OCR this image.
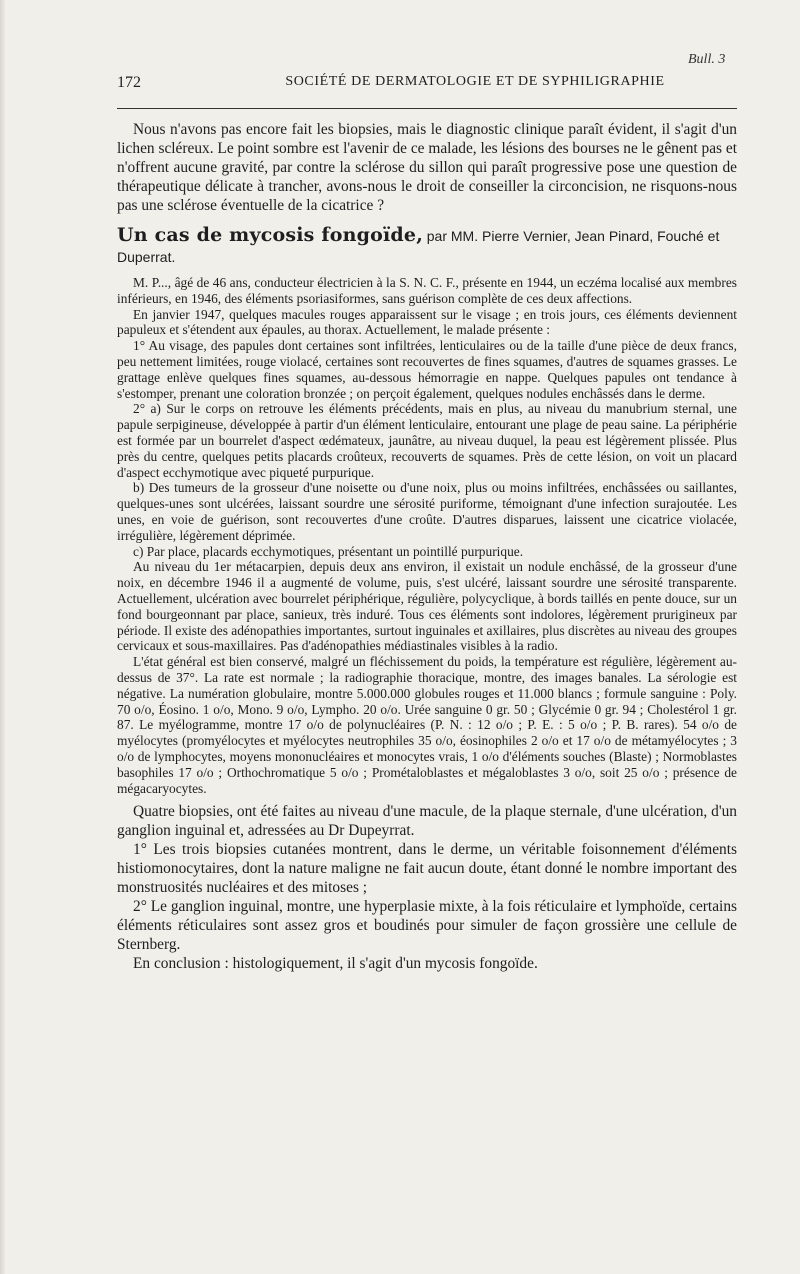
Bull. 3
172	SOCIÉTÉ DE DERMATOLOGIE ET DE SYPHILIGRAPHIE

Nous n'avons pas encore fait les biopsies, mais le diagnostic clinique paraît évident, il s'agit d'un lichen scléreux. Le point sombre est l'avenir de ce malade, les lésions des bourses ne le gênent pas et n'offrent aucune gravité, par contre la sclérose du sillon qui paraît progressive pose une question de thérapeutique délicate à trancher, avons-nous le droit de conseiller la circoncision, ne risquons-nous pas une sclérose éventuelle de la cicatrice ?

Un cas de mycosis fongoïde, par MM. Pierre Vernier, Jean Pinard, Fouché et Duperrat.

M. P..., âgé de 46 ans, conducteur électricien à la S. N. C. F., présente en 1944, un eczéma localisé aux membres inférieurs, en 1946, des éléments psoriasiformes, sans guérison complète de ces deux affections.

En janvier 1947, quelques macules rouges apparaissent sur le visage ; en trois jours, ces éléments deviennent papuleux et s'étendent aux épaules, au thorax. Actuellement, le malade présente :

1° Au visage, des papules dont certaines sont infiltrées, lenticulaires ou de la taille d'une pièce de deux francs, peu nettement limitées, rouge violacé, certaines sont recouvertes de fines squames, d'autres de squames grasses. Le grattage enlève quelques fines squames, au-dessous hémorragie en nappe. Quelques papules ont tendance à s'estomper, prenant une coloration bronzée ; on perçoit également, quelques nodules enchâssés dans le derme.

2° a) Sur le corps on retrouve les éléments précédents, mais en plus, au niveau du manubrium sternal, une papule serpigineuse, développée à partir d'un élément lenticulaire, entourant une plage de peau saine. La périphérie est formée par un bourrelet d'aspect œdémateux, jaunâtre, au niveau duquel, la peau est légèrement plissée. Plus près du centre, quelques petits placards croûteux, recouverts de squames. Près de cette lésion, on voit un placard d'aspect ecchymotique avec piqueté purpurique.

b) Des tumeurs de la grosseur d'une noisette ou d'une noix, plus ou moins infiltrées, enchâssées ou saillantes, quelques-unes sont ulcérées, laissant sourdre une sérosité puriforme, témoignant d'une infection surajoutée. Les unes, en voie de guérison, sont recouvertes d'une croûte. D'autres disparues, laissent une cicatrice violacée, irrégulière, légèrement déprimée.

c) Par place, placards ecchymotiques, présentant un pointillé purpurique.

Au niveau du 1er métacarpien, depuis deux ans environ, il existait un nodule enchâssé, de la grosseur d'une noix, en décembre 1946 il a augmenté de volume, puis, s'est ulcéré, laissant sourdre une sérosité transparente. Actuellement, ulcération avec bourrelet périphérique, régulière, polycyclique, à bords taillés en pente douce, sur un fond bourgeonnant par place, sanieux, très induré. Tous ces éléments sont indolores, légèrement prurigineux par période. Il existe des adénopathies importantes, surtout inguinales et axillaires, plus discrètes au niveau des groupes cervicaux et sous-maxillaires. Pas d'adénopathies médiastinales visibles à la radio.

L'état général est bien conservé, malgré un fléchissement du poids, la température est régulière, légèrement au-dessus de 37°. La rate est normale ; la radiographie thoracique, montre, des images banales. La sérologie est négative. La numération globulaire, montre 5.000.000 globules rouges et 11.000 blancs ; formule sanguine : Poly. 70 o/o, Éosino. 1 o/o, Mono. 9 o/o, Lympho. 20 o/o. Urée sanguine 0 gr. 50 ; Glycémie 0 gr. 94 ; Cholestérol 1 gr. 87. Le myélogramme, montre 17 o/o de polynucléaires (P. N. : 12 o/o ; P. E. : 5 o/o ; P. B. rares). 54 o/o de myélocytes (promyélocytes et myélocytes neutrophiles 35 o/o, éosinophiles 2 o/o et 17 o/o de métamyélocytes ; 3 o/o de lymphocytes, moyens mononucléaires et monocytes vrais, 1 o/o d'éléments souches (Blaste) ; Normoblastes basophiles 17 o/o ; Orthochromatique 5 o/o ; Prométaloblastes et mégaloblastes 3 o/o, soit 25 o/o ; présence de mégacaryocytes.

Quatre biopsies, ont été faites au niveau d'une macule, de la plaque sternale, d'une ulcération, d'un ganglion inguinal et, adressées au Dr Dupeyrrat.

1° Les trois biopsies cutanées montrent, dans le derme, un véritable foisonnement d'éléments histiomonocytaires, dont la nature maligne ne fait aucun doute, étant donné le nombre important des monstruosités nucléaires et des mitoses ;

2° Le ganglion inguinal, montre, une hyperplasie mixte, à la fois réticulaire et lymphoïde, certains éléments réticulaires sont assez gros et boudinés pour simuler de façon grossière une cellule de Sternberg.

En conclusion : histologiquement, il s'agit d'un mycosis fongoïde.
